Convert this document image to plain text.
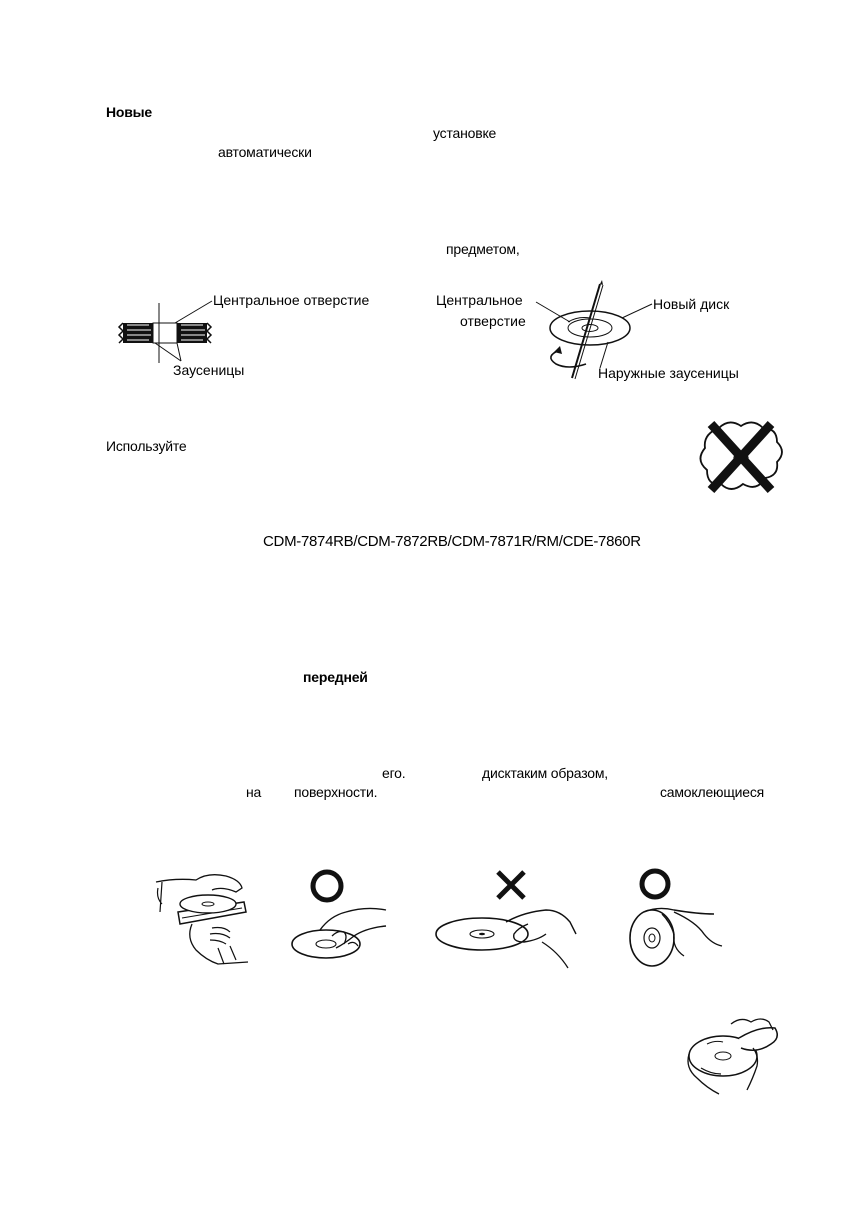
Новые
установке
автоматически
предметом,
Центральное отверстие
Заусеницы
Центральное
отверстие
Новый диск
Наружные заусеницы
Используйте
CDM-7874RB/CDM-7872RB/CDM-7871R/RM/CDE-7860R
передней
его.	дисктаким образом,
на поверхности.	самоклеющиеся
